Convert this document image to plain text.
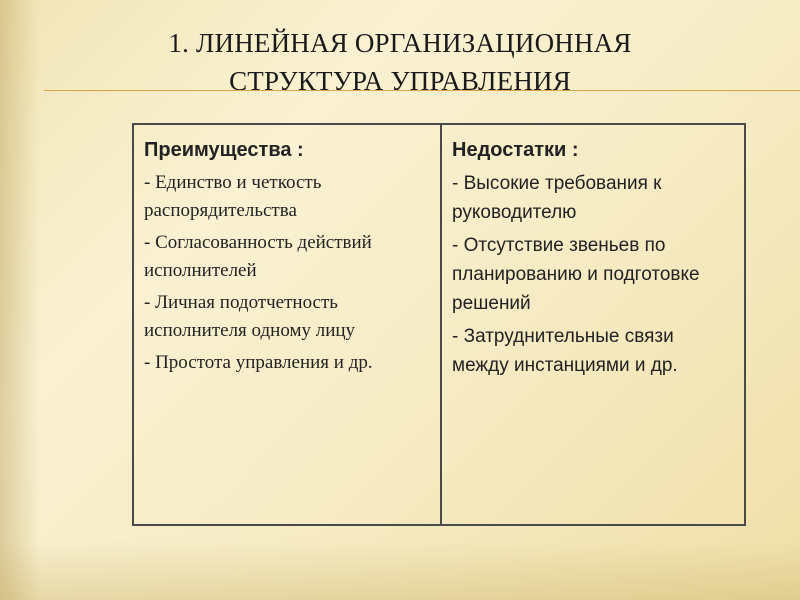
1. ЛИНЕЙНАЯ ОРГАНИЗАЦИОННАЯ
СТРУКТУРА УПРАВЛЕНИЯ
Преимущества :
- Единство и четкость распорядительства
- Согласованность действий исполнителей
- Личная подотчетность исполнителя одному лицу
- Простота управления и др.
Недостатки :
- Высокие требования к руководителю
- Отсутствие звеньев по планированию и подготовке решений
- Затруднительные связи между инстанциями и др.
